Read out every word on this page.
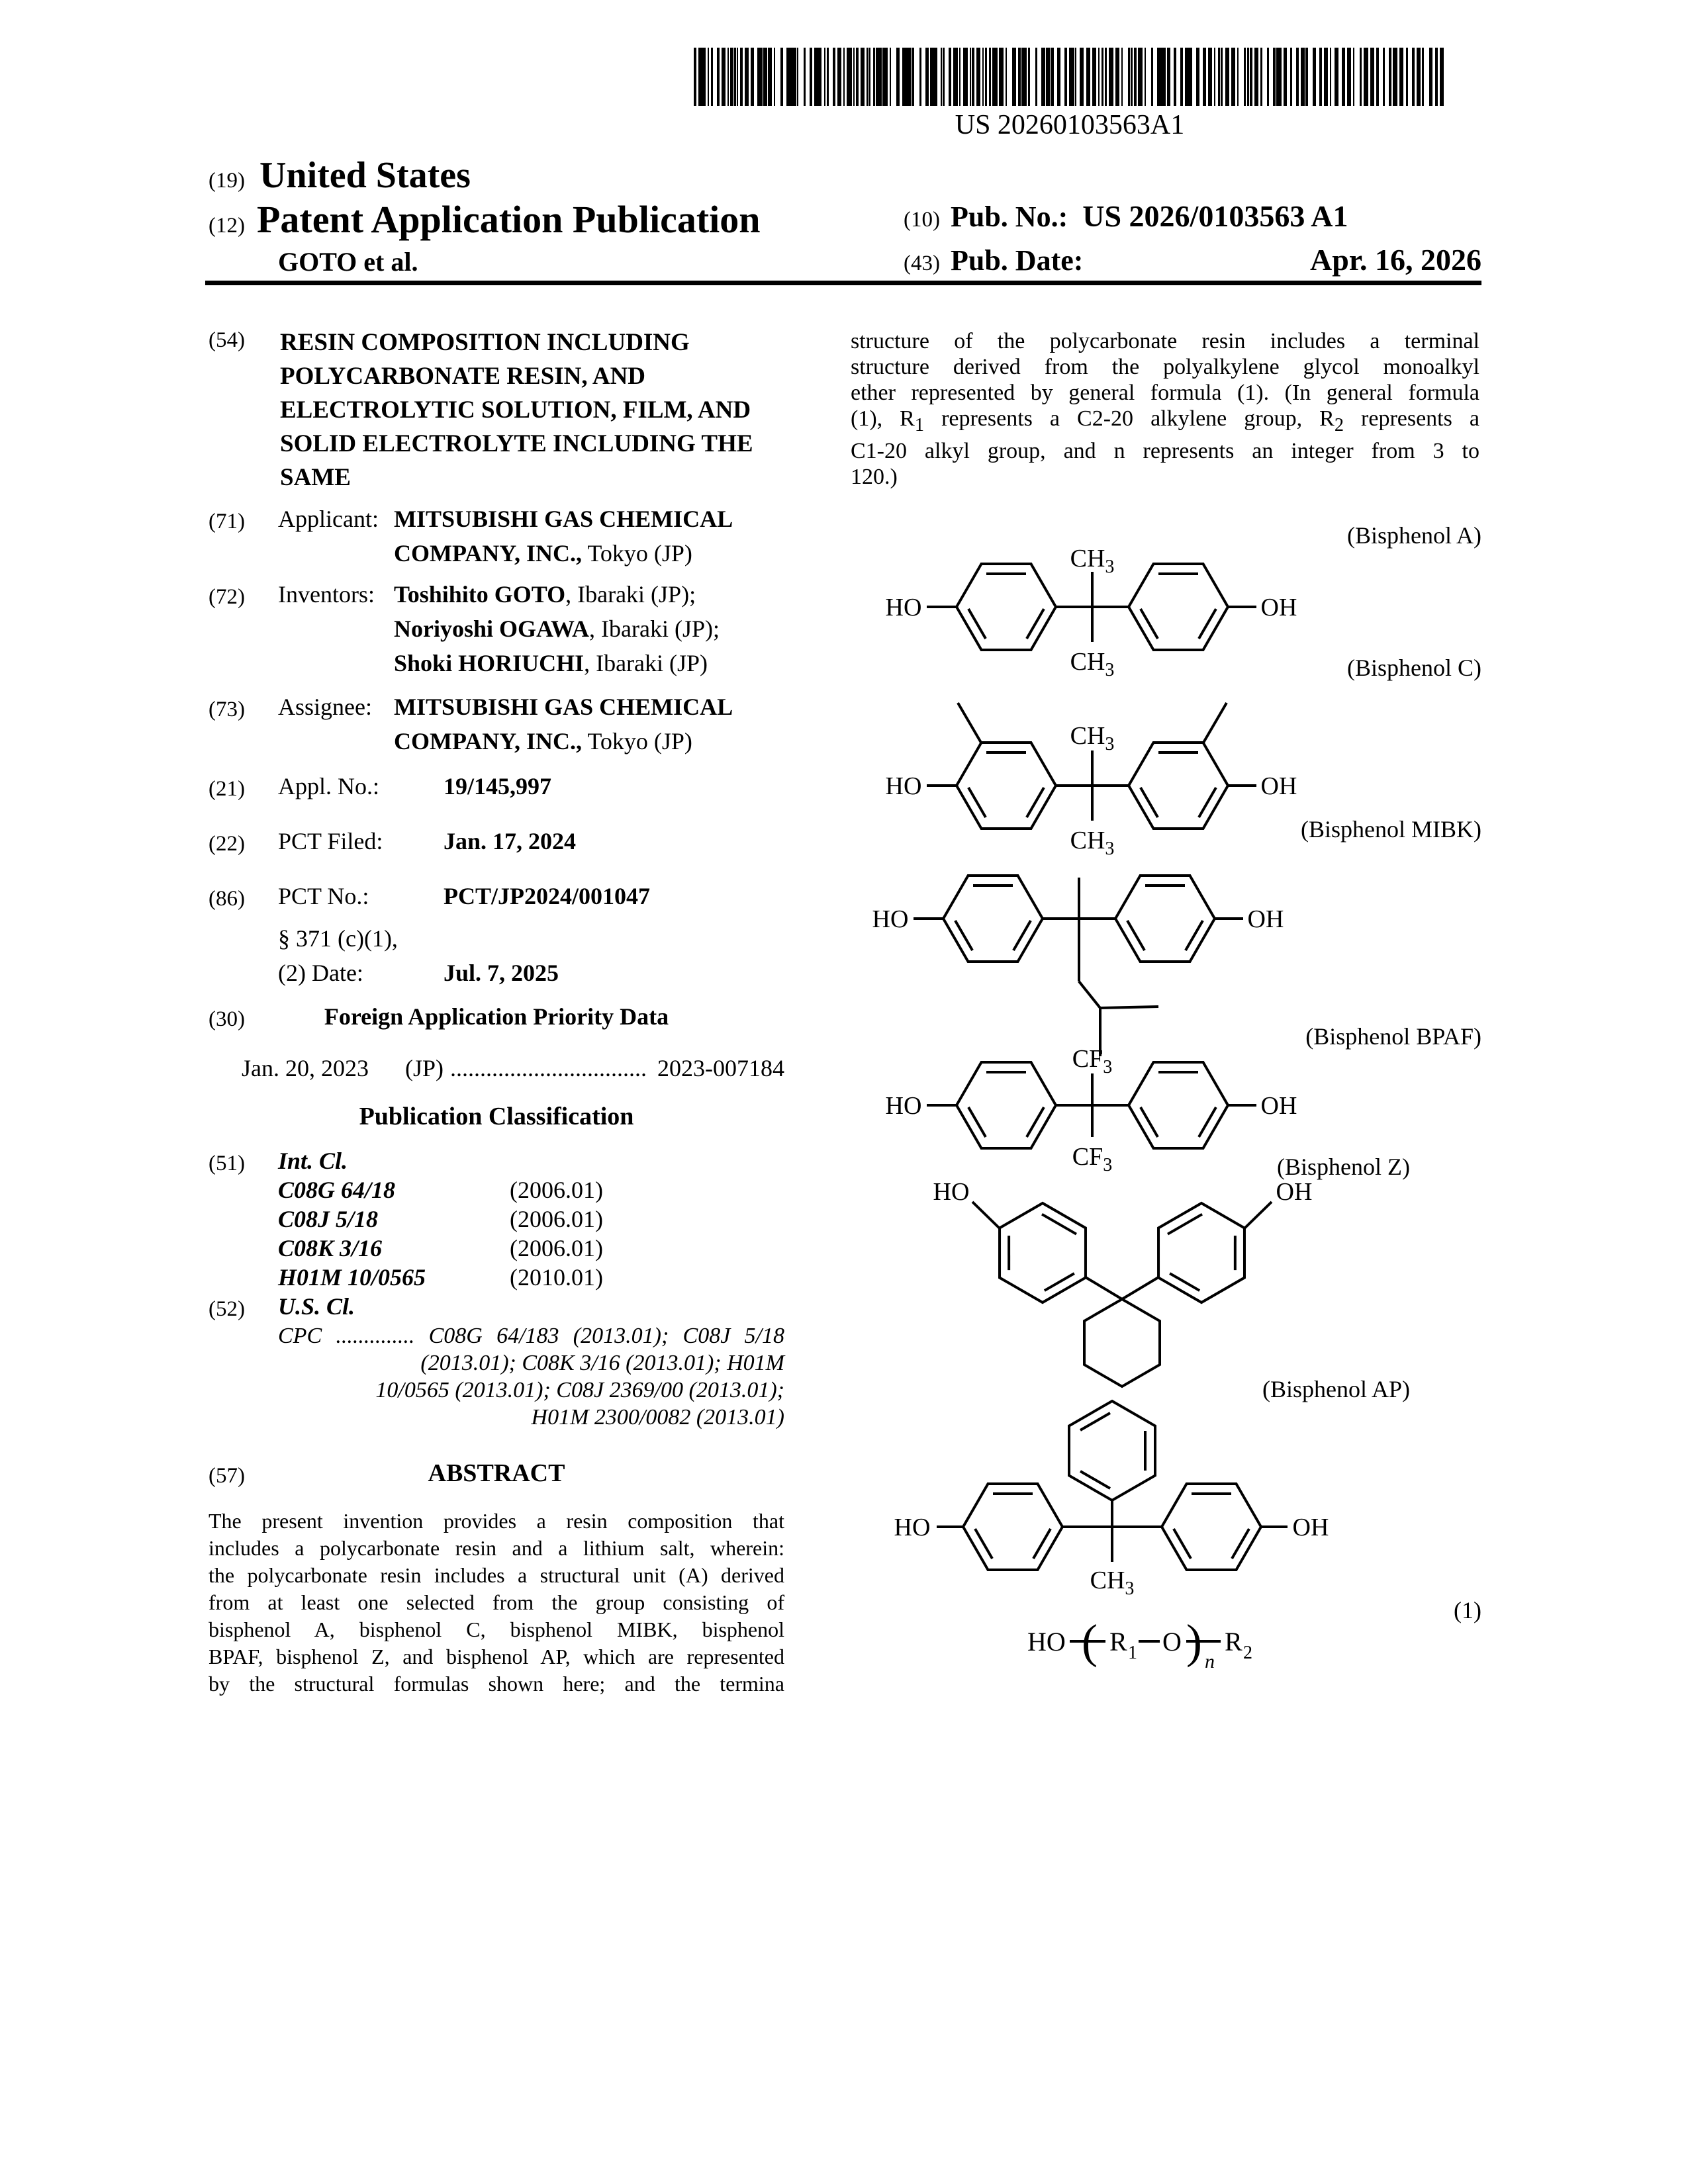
US 20260103563A1
(19) United States
(12) Patent Application Publication
GOTO et al.
(10) Pub. No.: US 2026/0103563 A1
(43) Pub. Date:	Apr. 16, 2026
(54) RESIN COMPOSITION INCLUDING
POLYCARBONATE RESIN, AND
ELECTROLYTIC SOLUTION, FILM, AND
SOLID ELECTROLYTE INCLUDING THE
SAME
(71) Applicant: MITSUBISHI GAS CHEMICAL
COMPANY, INC., Tokyo (JP)
(72) Inventors: Toshihito GOTO, Ibaraki (JP);
Noriyoshi OGAWA, Ibaraki (JP);
Shoki HORIUCHI, Ibaraki (JP)
(73) Assignee: MITSUBISHI GAS CHEMICAL
COMPANY, INC., Tokyo (JP)
(21) Appl. No.:	19/145,997
(22) PCT Filed:	Jan. 17, 2024
(86) PCT No.:	PCT/JP2024/001047
§ 371 (c)(1),
(2) Date:	Jul. 7, 2025
(30)	Foreign Application Priority Data
Jan. 20, 2023 (JP) ................................. 2023-007184
Publication Classification
(51) Int. Cl.
C08G 64/18	(2006.01)
C08J 5/18	(2006.01)
C08K 3/16	(2006.01)
H01M 10/0565	(2010.01)
(52) U.S. Cl.
CPC .............. C08G 64/183 (2013.01); C08J 5/18
(2013.01); C08K 3/16 (2013.01); H01M
10/0565 (2013.01); C08J 2369/00 (2013.01);
H01M 2300/0082 (2013.01)
(57)	ABSTRACT
The present invention provides a resin composition that
includes a polycarbonate resin and a lithium salt, wherein:
the polycarbonate resin includes a structural unit (A) derived
from at least one selected from the group consisting of
bisphenol A, bisphenol C, bisphenol MIBK, bisphenol
BPAF, bisphenol Z, and bisphenol AP, which are represented
by the structural formulas shown here; and the termina
structure of the polycarbonate resin includes a terminal
structure derived from the polyalkylene glycol monoalkyl
ether represented by general formula (1). (In general formula
(1), $R_1$ represents a C2-20 alkylene group, $R_2$ represents a
C1-20 alkyl group, and n represents an integer from 3 to
120.)
(Bisphenol A)
(Bisphenol C)
(Bisphenol MIBK)
(Bisphenol BPAF)
(Bisphenol Z)
(Bisphenol AP)
(1)
HO
$CH_3$
$CH_3$
OH
HO
$CH_3$
$CH_3$
OH
HO	OH
HO
$CF_3$
$CF_3$
OH
HO	OH
HO	OH
$CH_3$
HO ( R 1 O ) n
R 2
